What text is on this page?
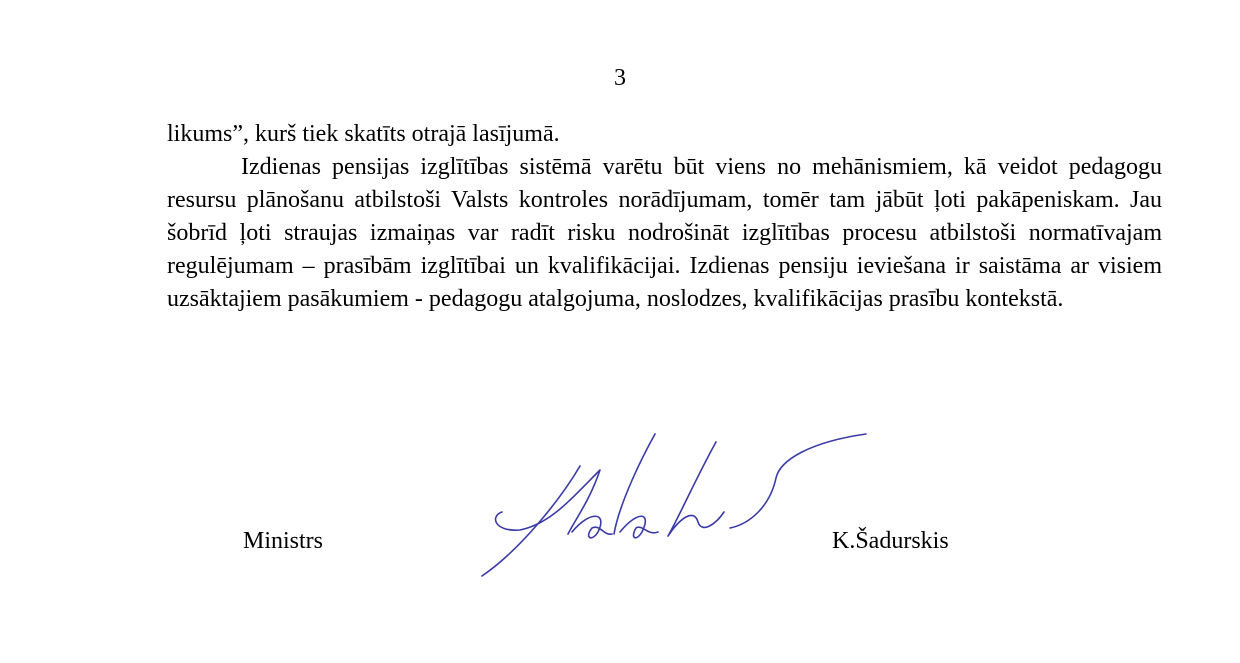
3

likums”, kurš tiek skatīts otrajā lasījumā.

Izdienas pensijas izglītības sistēmā varētu būt viens no mehānismiem, kā veidot pedagogu resursu plānošanu atbilstoši Valsts kontroles norādījumam, tomēr tam jābūt ļoti pakāpeniskam. Jau šobrīd ļoti straujas izmaiņas var radīt risku nodrošināt izglītības procesu atbilstoši normatīvajam regulējumam – prasībām izglītībai un kvalifikācijai. Izdienas pensiju ieviešana ir saistāma ar visiem uzsāktajiem pasākumiem - pedagogu atalgojuma, noslodzes, kvalifikācijas prasību kontekstā.

Ministrs	K.Šadurskis
